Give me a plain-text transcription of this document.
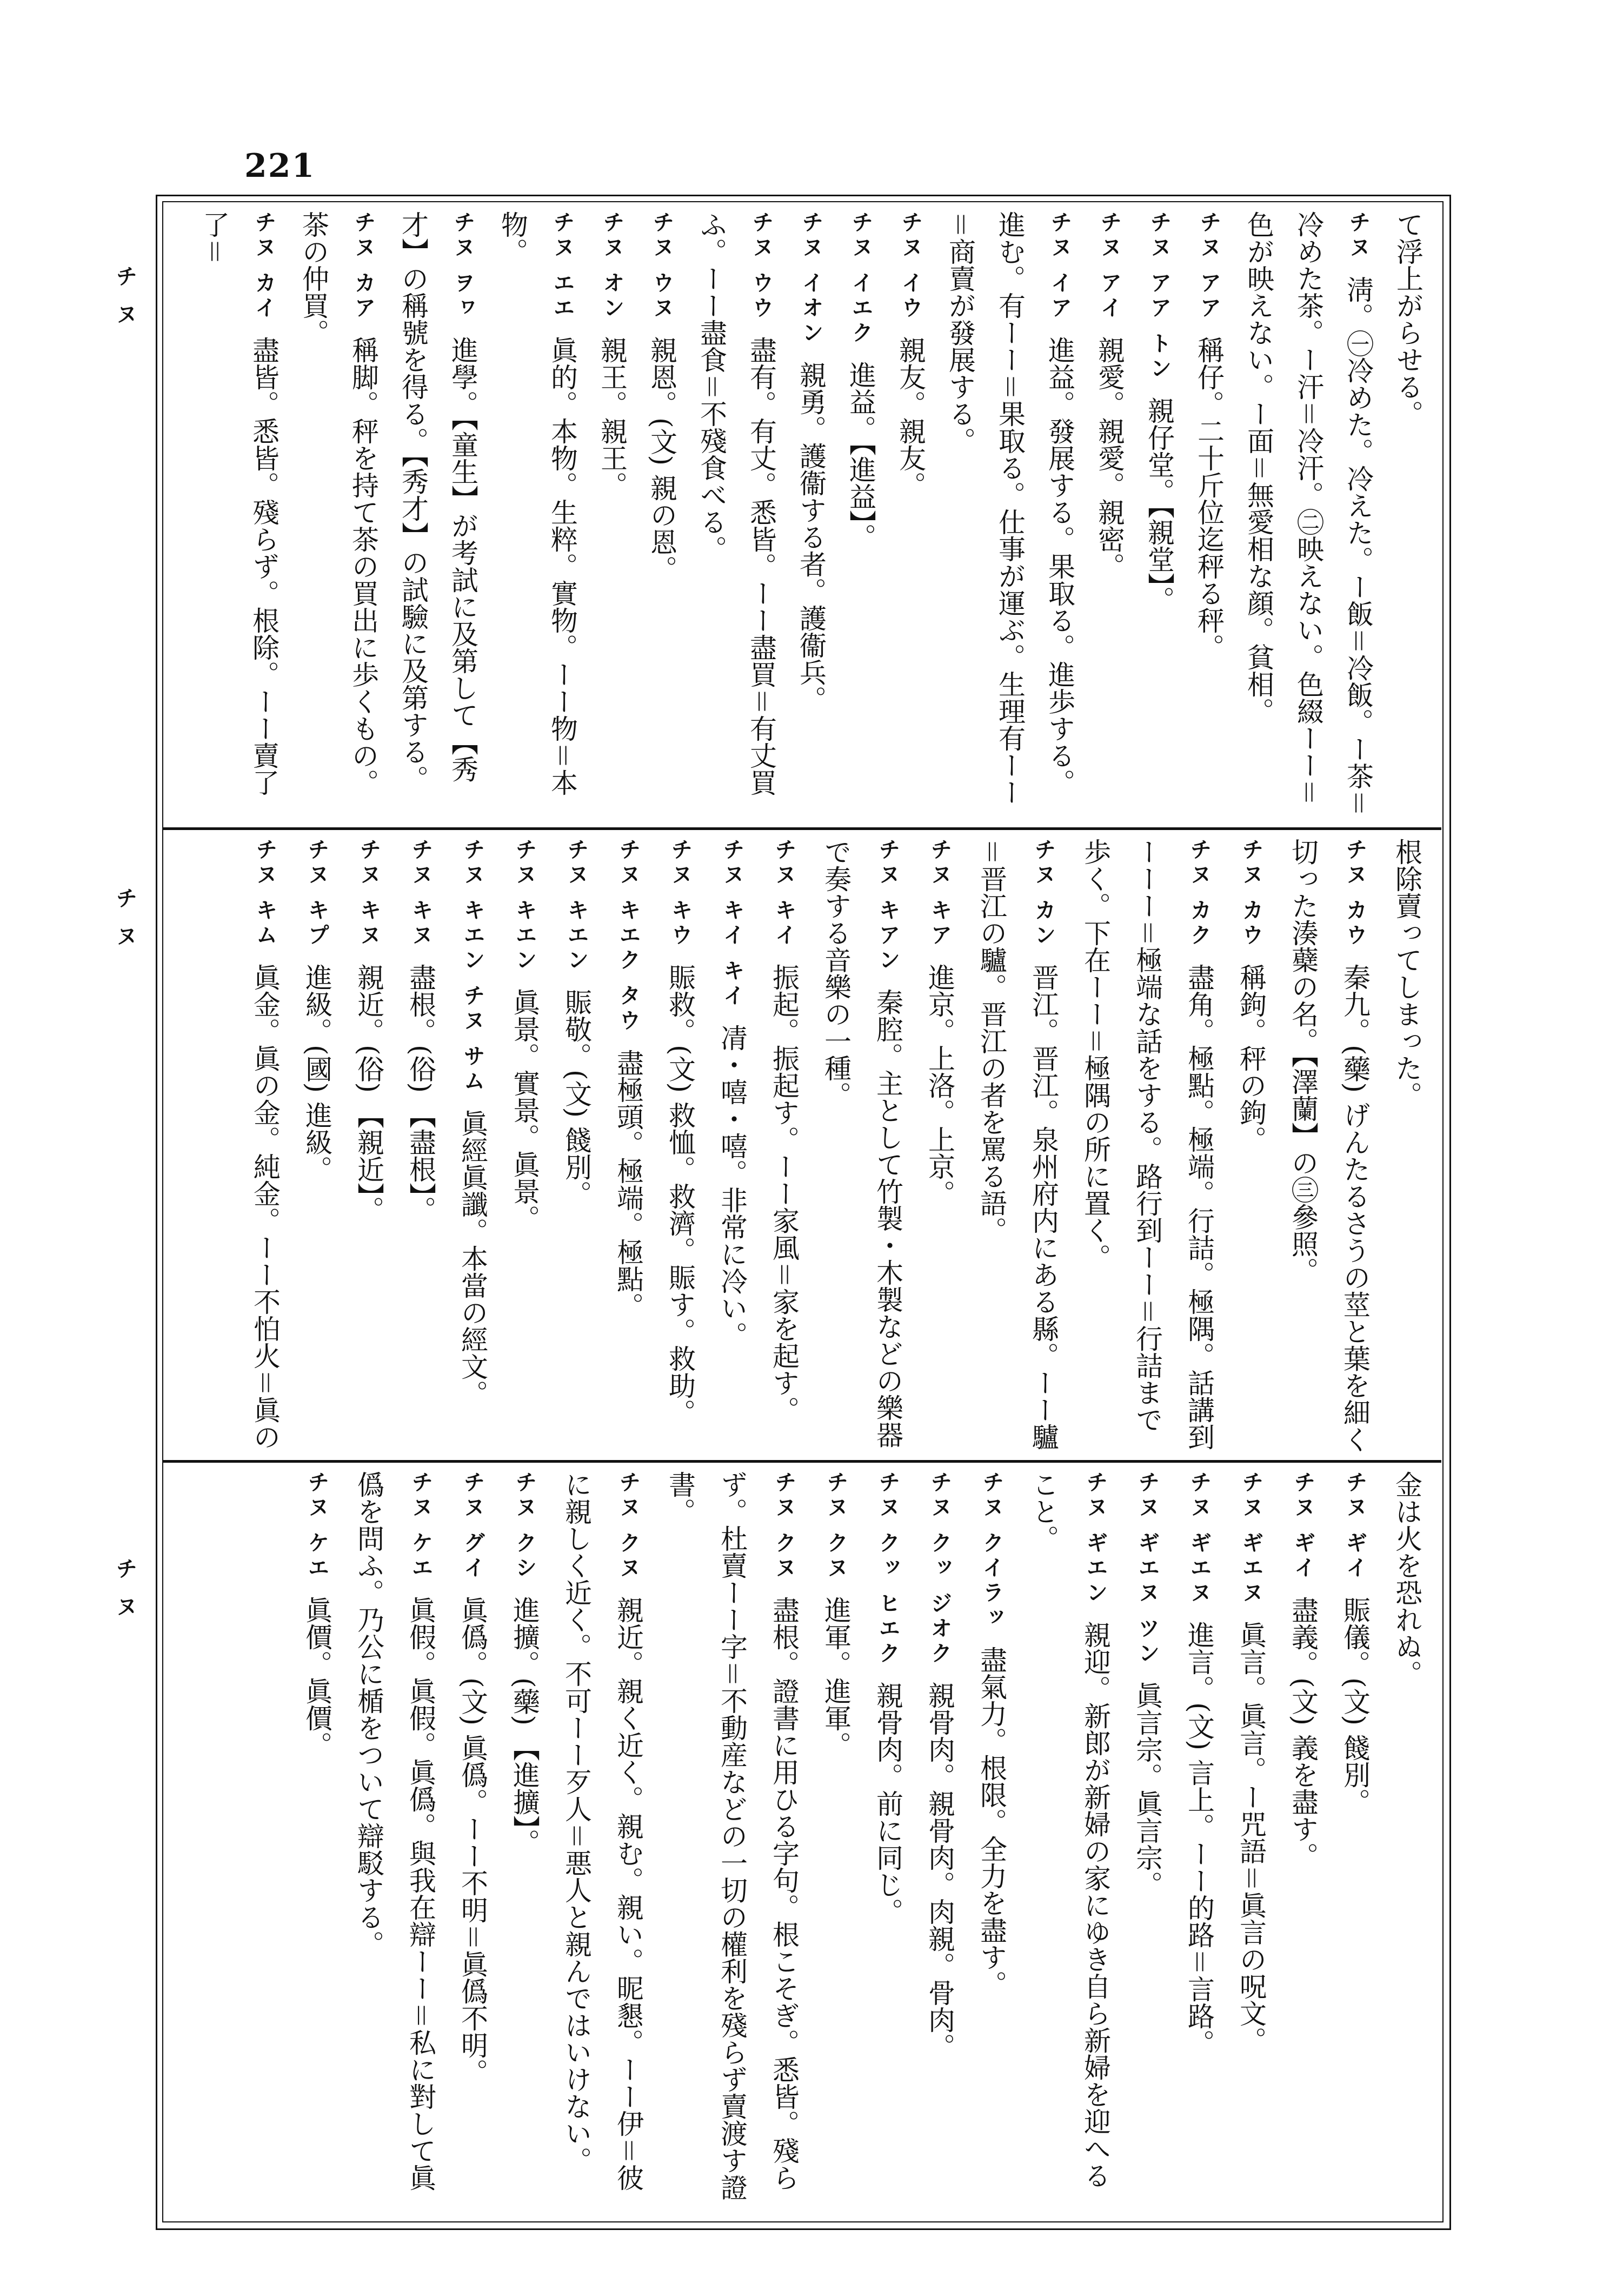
221
チヌ
チヌ
チヌ
て浮上がらせる。
チヌ淸。㊀冷めた。冷えた。ー飯＝冷飯。ー茶＝冷めた茶。ー汗＝冷汗。㊁映えない。色綴ーー＝色が映えない。ー面＝無愛相な顔。貧相。
チヌ アア稱仔。二十斤位迄秤る秤。
チヌ アア トン親仔堂。【親堂】。
チヌ アイ親愛。親愛。親密。
チヌ イア進益。發展する。果取る。進歩する。進む。有ーー＝果取る。仕事が運ぶ。生理有ーー＝商賣が發展する。
チヌ イウ親友。親友。
チヌ イエク進益。【進益】。
チヌ イオン親勇。護衞する者。護衞兵。
チヌ ウウ盡有。有丈。悉皆。ーー盡買＝有丈買ふ。ーー盡食＝不殘食べる。
チヌ ウヌ親恩。(文) 親の恩。
チヌ オン親王。親王。
チヌ エエ眞的。本物。生粹。實物。ーー物＝本物。
チヌ ヲヮ進學。【童生】が考試に及第して【秀才】の稱號を得る。【秀才】の試驗に及第する。
チヌ カア稱脚。秤を持て茶の買出に歩くもの。茶の仲買。
チヌ カイ盡皆。悉皆。殘らず。根除。ーー賣了了＝
根除賣ってしまった。
チヌ カウ秦九。(藥) げんたるさうの莖と葉を細く切った湊蘗の名。【澤蘭】の㊂參照。
チヌ カウ稱鉤。秤の鉤。
チヌ カク盡角。極點。極端。行詰。極隅。話講到ーーー＝極端な話をする。路行到ーー＝行詰まで歩く。下在ーー＝極隅の所に置く。
チヌ カン晋江。晋江。泉州府内にある縣。ーー驢＝晋江の驢。晋江の者を罵る語。
チヌ キア進京。上洛。上京。
チヌ キアン秦腔。主として竹製・木製などの樂器で奏する音樂の一種。
チヌ キイ振起。振起す。ーー家風＝家を起す。
チヌ キイ キイ凊・嘻・嘻。非常に冷い。
チヌ キウ賑救。(文) 救恤。救濟。賑す。救助。
チヌ キエク タウ盡極頭。極端。極點。
チヌ キエン賑敬。(文) 餞別。
チヌ キエン眞景。實景。眞景。
チヌ キエン チヌ サム眞經眞讖。本當の經文。
チヌ キヌ盡根。(俗) 【盡根】。
チヌ キヌ親近。(俗) 【親近】。
チヌ キプ進級。(國) 進級。
チヌ キム眞金。眞の金。純金。ーー不怕火＝眞の
金は火を恐れぬ。
チヌ ギイ賑儀。(文) 餞別。
チヌ ギイ盡義。(文) 義を盡す。
チヌ ギエヌ眞言。眞言。ー咒語＝眞言の呪文。
チヌ ギエヌ進言。(文) 言上。ーー的路＝言路。
チヌ ギエヌ ツン眞言宗。眞言宗。
チヌ ギエン親迎。新郎が新婦の家にゆき自ら新婦を迎へること。
チヌ クイラッ盡氣力。根限。全力を盡す。
チヌ クッ ジオク親骨肉。親骨肉。肉親。骨肉。
チヌ クッ ヒエク親骨肉。前に同じ。
チヌ クヌ進軍。進軍。
チヌ クヌ盡根。證書に用ひる字句。根こそぎ。悉皆。殘らず。杜賣ーー字＝不動産などの一切の權利を殘らず賣渡す證書。
チヌ クヌ親近。親く近く。親む。親い。昵懇。ーー伊＝彼に親しく近く。不可ーー歹人＝悪人と親んではいけない。
チヌ クシ進擴。(藥) 【進擴】。
チヌ グイ眞僞。(文) 眞僞。ーー不明＝眞僞不明。
チヌ ケエ眞假。眞假。眞僞。與我在辯ーー＝私に對して眞僞を問ふ。乃公に楯をついて辯駁する。
チヌ ケエ眞價。眞價。
